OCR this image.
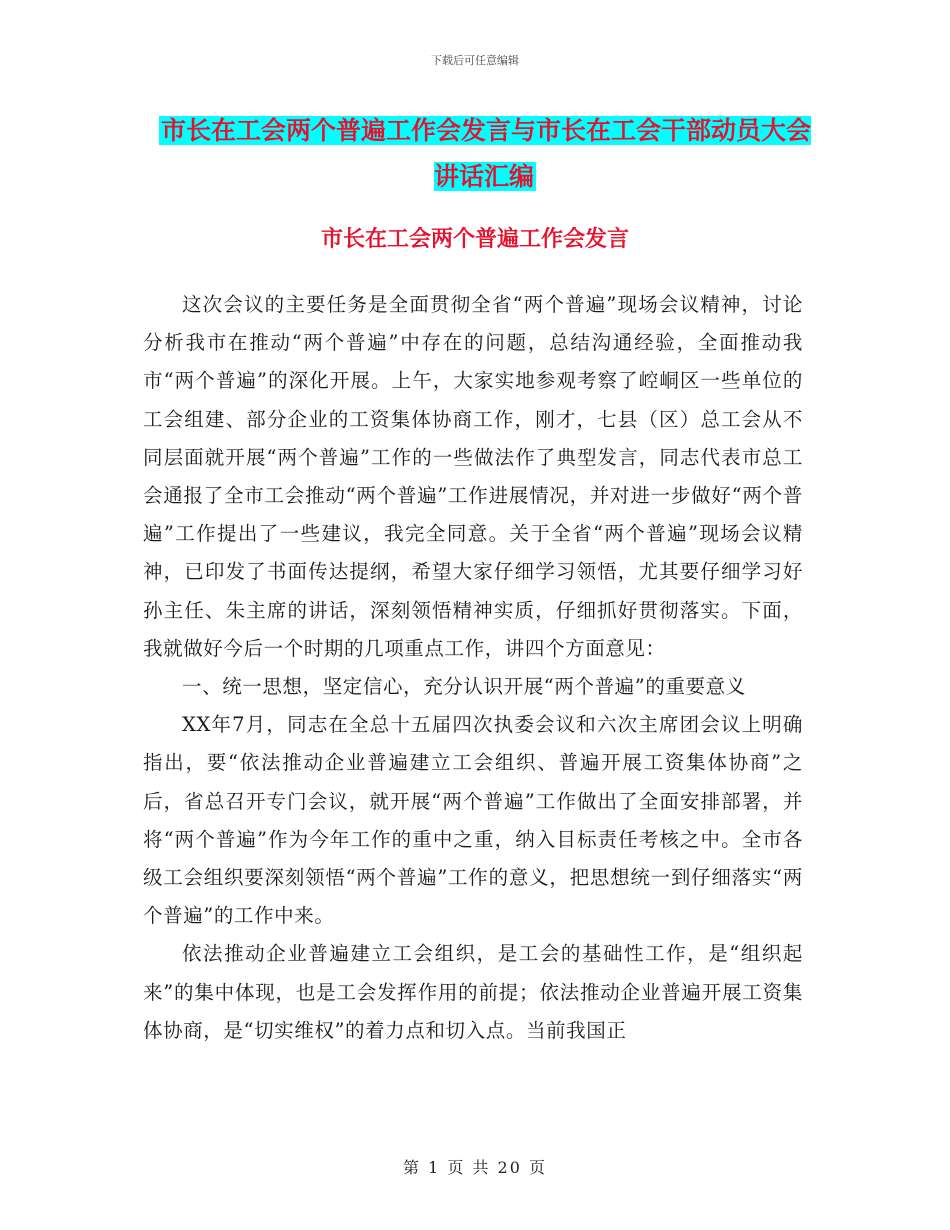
下载后可任意编辑
市长在工会两个普遍工作会发言与市长在工会干部动员大会讲话汇编
市长在工会两个普遍工作会发言

这次会议的主要任务是全面贯彻全省“两个普遍”现场会议精神，讨论分析我市在推动“两个普遍”中存在的问题，总结沟通经验，全面推动我市“两个普遍”的深化开展。上午，大家实地参观考察了崆峒区一些单位的工会组建、部分企业的工资集体协商工作，刚才，七县（区）总工会从不同层面就开展“两个普遍”工作的一些做法作了典型发言，同志代表市总工会通报了全市工会推动“两个普遍”工作进展情况，并对进一步做好“两个普遍”工作提出了一些建议，我完全同意。关于全省“两个普遍”现场会议精神，已印发了书面传达提纲，希望大家仔细学习领悟，尤其要仔细学习好孙主任、朱主席的讲话，深刻领悟精神实质，仔细抓好贯彻落实。下面，我就做好今后一个时期的几项重点工作，讲四个方面意见：

一、统一思想，坚定信心，充分认识开展“两个普遍”的重要意义

XX年7月，同志在全总十五届四次执委会议和六次主席团会议上明确指出，要“依法推动企业普遍建立工会组织、普遍开展工资集体协商”之后，省总召开专门会议，就开展“两个普遍”工作做出了全面安排部署，并将“两个普遍”作为今年工作的重中之重，纳入目标责任考核之中。全市各级工会组织要深刻领悟“两个普遍”工作的意义，把思想统一到仔细落实“两个普遍”的工作中来。

依法推动企业普遍建立工会组织，是工会的基础性工作，是“组织起来”的集中体现，也是工会发挥作用的前提；依法推动企业普遍开展工资集体协商，是“切实维权”的着力点和切入点。当前我国正

第 1 页 共 20 页
